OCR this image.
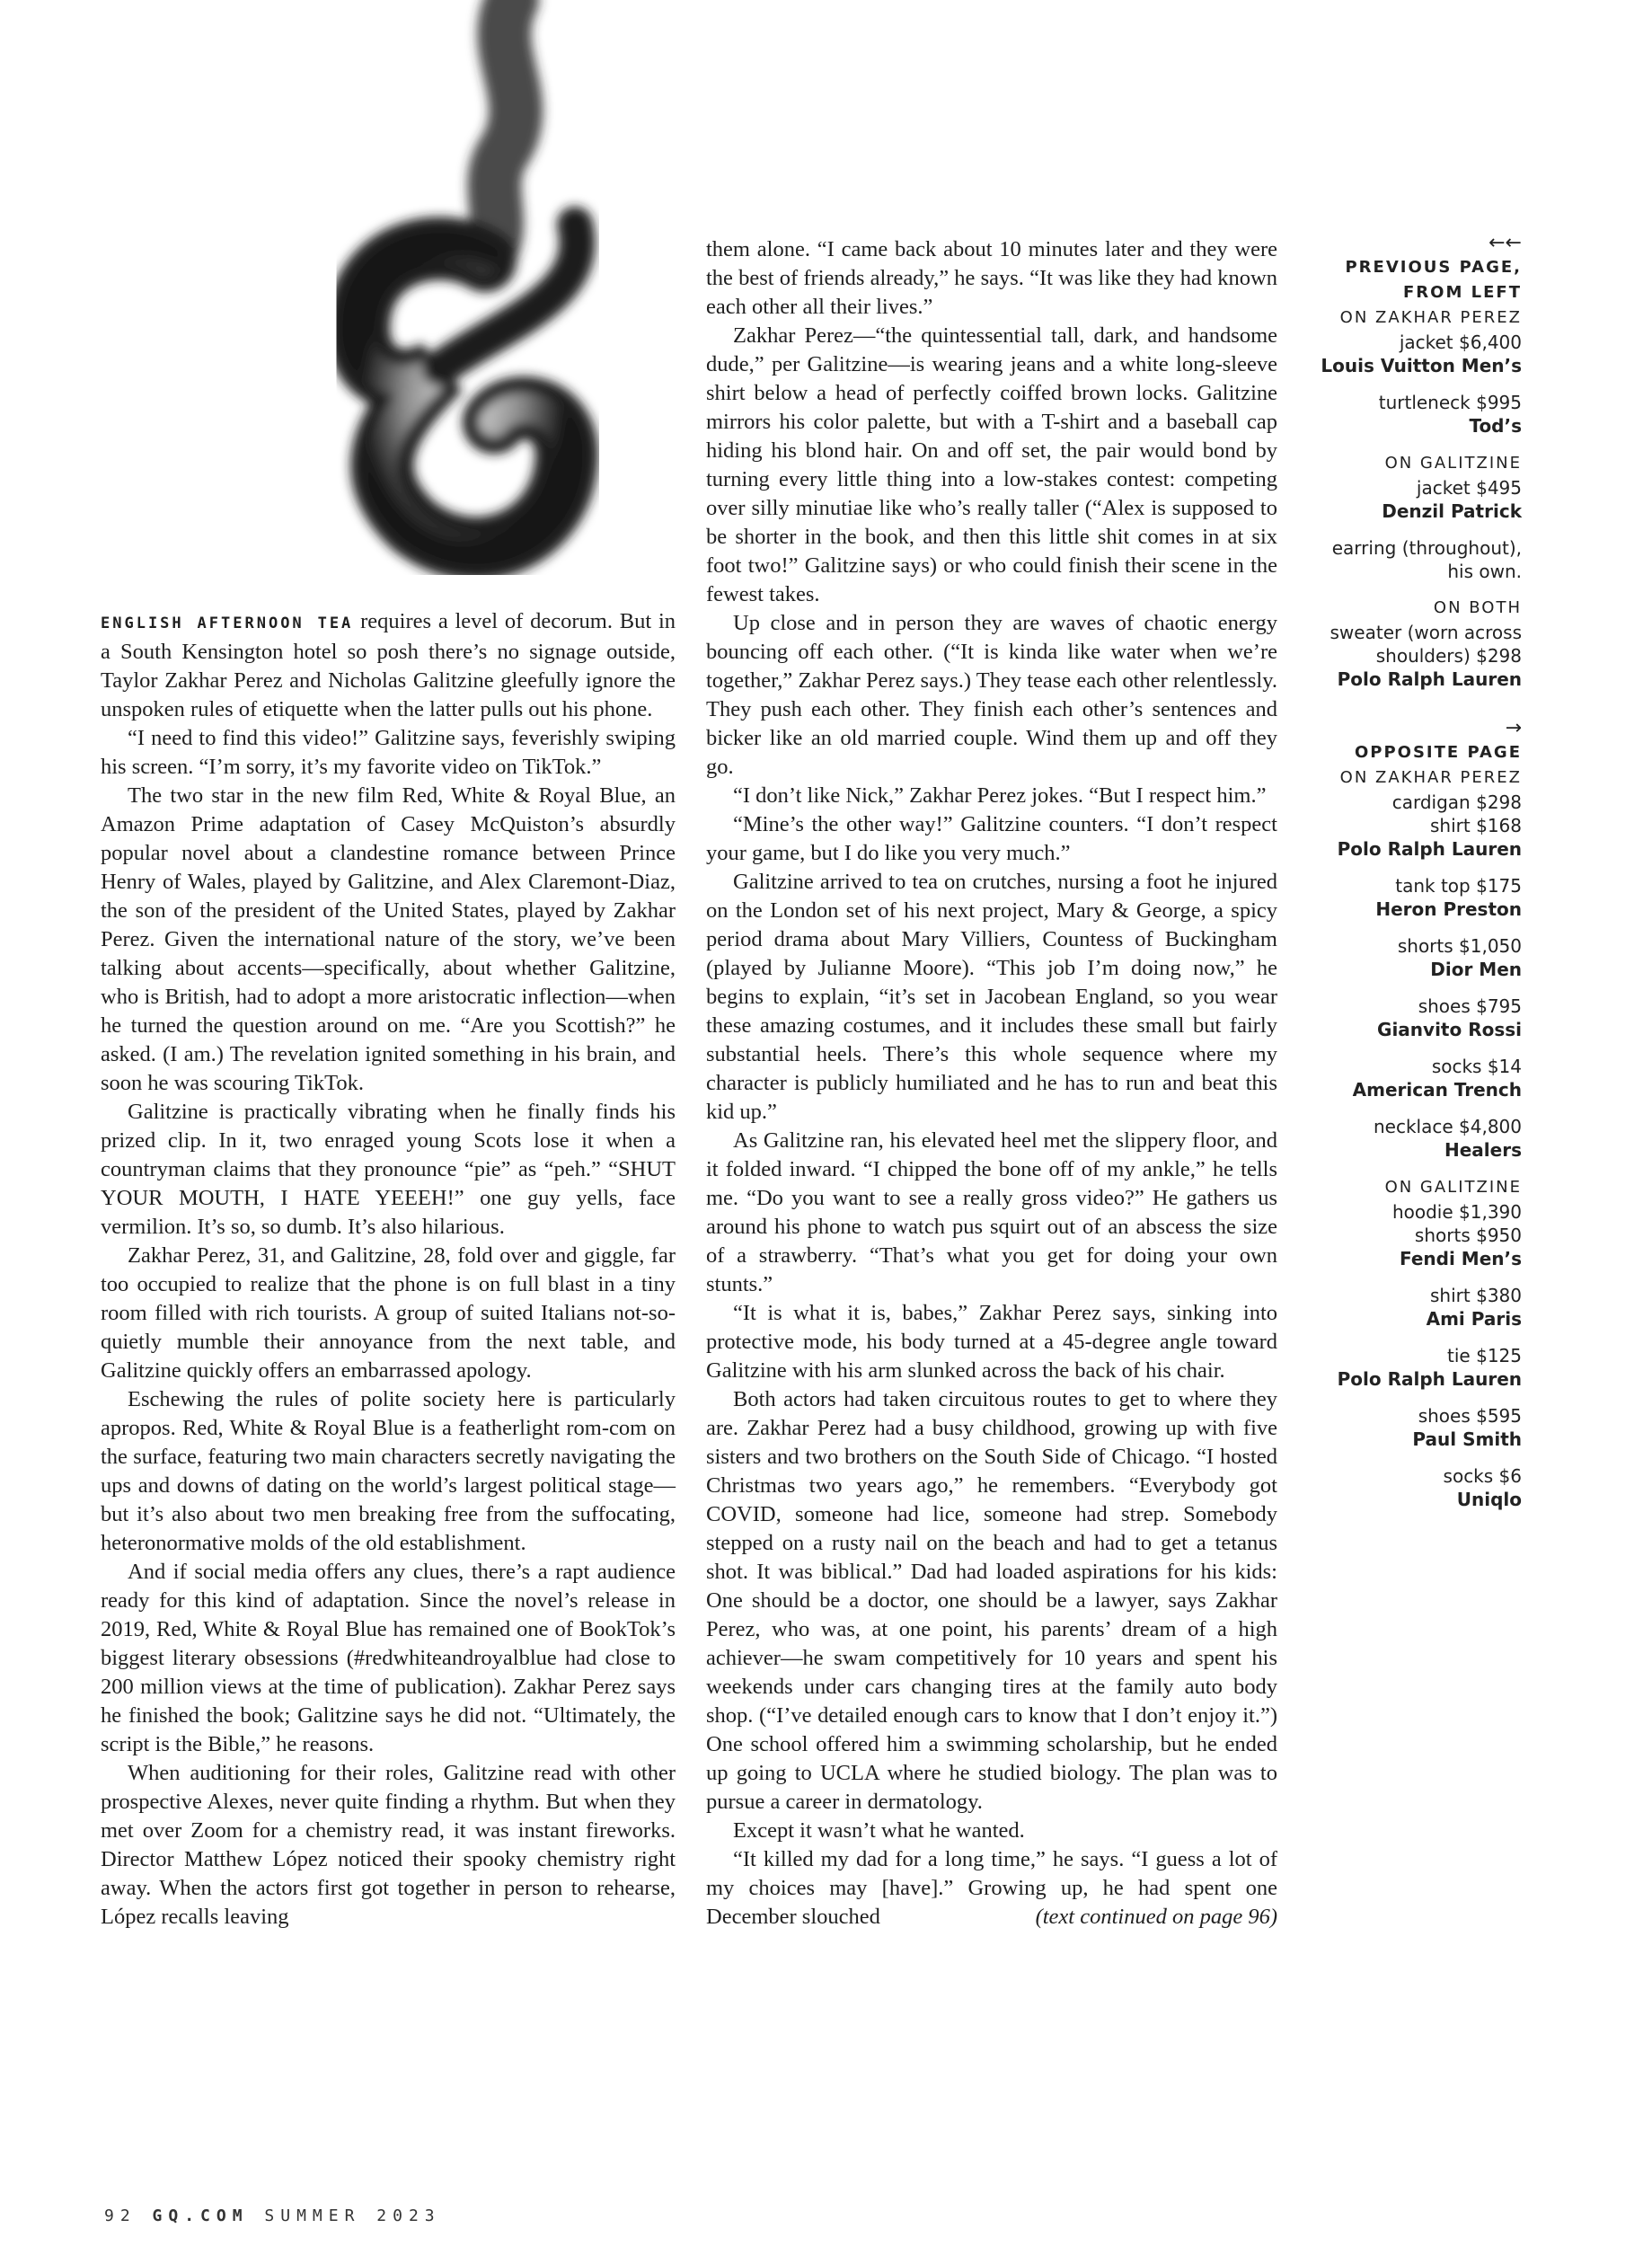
ENGLISH AFTERNOON TEA requires a level of decorum. But in a South Kensington hotel so posh there’s no signage outside, Taylor Zakhar Perez and Nicholas Galitzine gleefully ignore the unspoken rules of etiquette when the latter pulls out his phone.

“I need to find this video!” Galitzine says, feverishly swiping his screen. “I’m sorry, it’s my favorite video on TikTok.”

The two star in the new film Red, White & Royal Blue, an Amazon Prime adaptation of Casey McQuiston’s absurdly popular novel about a clandestine romance between Prince Henry of Wales, played by Galitzine, and Alex Claremont-Diaz, the son of the president of the United States, played by Zakhar Perez. Given the international nature of the story, we’ve been talking about accents—specifically, about whether Galitzine, who is British, had to adopt a more aristocratic inflection—when he turned the question around on me. “Are you Scottish?” he asked. (I am.) The revelation ignited something in his brain, and soon he was scouring TikTok.

Galitzine is practically vibrating when he finally finds his prized clip. In it, two enraged young Scots lose it when a countryman claims that they pronounce “pie” as “peh.” “SHUT YOUR MOUTH, I HATE YEEEH!” one guy yells, face vermilion. It’s so, so dumb. It’s also hilarious.

Zakhar Perez, 31, and Galitzine, 28, fold over and giggle, far too occupied to realize that the phone is on full blast in a tiny room filled with rich tourists. A group of suited Italians not-so-quietly mumble their annoyance from the next table, and Galitzine quickly offers an embarrassed apology.

Eschewing the rules of polite society here is particularly apropos. Red, White & Royal Blue is a featherlight rom-com on the surface, featuring two main characters secretly navigating the ups and downs of dating on the world’s largest political stage—but it’s also about two men breaking free from the suffocating, heteronormative molds of the old establishment.

And if social media offers any clues, there’s a rapt audience ready for this kind of adaptation. Since the novel’s release in 2019, Red, White & Royal Blue has remained one of BookTok’s biggest literary obsessions (#redwhiteandroyalblue had close to 200 million views at the time of publication). Zakhar Perez says he finished the book; Galitzine says he did not. “Ultimately, the script is the Bible,” he reasons.

When auditioning for their roles, Galitzine read with other prospective Alexes, never quite finding a rhythm. But when they met over Zoom for a chemistry read, it was instant fireworks. Director Matthew López noticed their spooky chemistry right away. When the actors first got together in person to rehearse, López recalls leaving

them alone. “I came back about 10 minutes later and they were the best of friends already,” he says. “It was like they had known each other all their lives.”

Zakhar Perez—“the quintessential tall, dark, and handsome dude,” per Galitzine—is wearing jeans and a white long-sleeve shirt below a head of perfectly coiffed brown locks. Galitzine mirrors his color palette, but with a T-shirt and a baseball cap hiding his blond hair. On and off set, the pair would bond by turning every little thing into a low-stakes contest: competing over silly minutiae like who’s really taller (“Alex is supposed to be shorter in the book, and then this little shit comes in at six foot two!” Galitzine says) or who could finish their scene in the fewest takes.

Up close and in person they are waves of chaotic energy bouncing off each other. (“It is kinda like water when we’re together,” Zakhar Perez says.) They tease each other relentlessly. They push each other. They finish each other’s sentences and bicker like an old married couple. Wind them up and off they go.

“I don’t like Nick,” Zakhar Perez jokes. “But I respect him.”

“Mine’s the other way!” Galitzine counters. “I don’t respect your game, but I do like you very much.”

Galitzine arrived to tea on crutches, nursing a foot he injured on the London set of his next project, Mary & George, a spicy period drama about Mary Villiers, Countess of Buckingham (played by Julianne Moore). “This job I’m doing now,” he begins to explain, “it’s set in Jacobean England, so you wear these amazing costumes, and it includes these small but fairly substantial heels. There’s this whole sequence where my character is publicly humiliated and he has to run and beat this kid up.”

As Galitzine ran, his elevated heel met the slippery floor, and it folded inward. “I chipped the bone off of my ankle,” he tells me. “Do you want to see a really gross video?” He gathers us around his phone to watch pus squirt out of an abscess the size of a strawberry. “That’s what you get for doing your own stunts.”

“It is what it is, babes,” Zakhar Perez says, sinking into protective mode, his body turned at a 45-degree angle toward Galitzine with his arm slunked across the back of his chair.

Both actors had taken circuitous routes to get to where they are. Zakhar Perez had a busy childhood, growing up with five sisters and two brothers on the South Side of Chicago. “I hosted Christmas two years ago,” he remembers. “Everybody got COVID, someone had lice, someone had strep. Somebody stepped on a rusty nail on the beach and had to get a tetanus shot. It was biblical.” Dad had loaded aspirations for his kids: One should be a doctor, one should be a lawyer, says Zakhar Perez, who was, at one point, his parents’ dream of a high achiever—he swam competitively for 10 years and spent his weekends under cars changing tires at the family auto body shop. (“I’ve detailed enough cars to know that I don’t enjoy it.”) One school offered him a swimming scholarship, but he ended up going to UCLA where he studied biology. The plan was to pursue a career in dermatology.

Except it wasn’t what he wanted.

“It killed my dad for a long time,” he says. “I guess a lot of my choices may [have].” Growing up, he had spent one December slouched	(text continued on page 96)

←←
PREVIOUS PAGE,
FROM LEFT
ON ZAKHAR PEREZ
jacket $6,400
Louis Vuitton Men’s
turtleneck $995
Tod’s
ON GALITZINE
jacket $495
Denzil Patrick
earring (throughout),
his own.
ON BOTH
sweater (worn across
shoulders) $298
Polo Ralph Lauren
→
OPPOSITE PAGE
ON ZAKHAR PEREZ
cardigan $298
shirt $168
Polo Ralph Lauren
tank top $175
Heron Preston
shorts $1,050
Dior Men
shoes $795
Gianvito Rossi
socks $14
American Trench
necklace $4,800
Healers
ON GALITZINE
hoodie $1,390
shorts $950
Fendi Men’s
shirt $380
Ami Paris
tie $125
Polo Ralph Lauren
shoes $595
Paul Smith
socks $6
Uniqlo
92 GQ.COM SUMMER 2023
